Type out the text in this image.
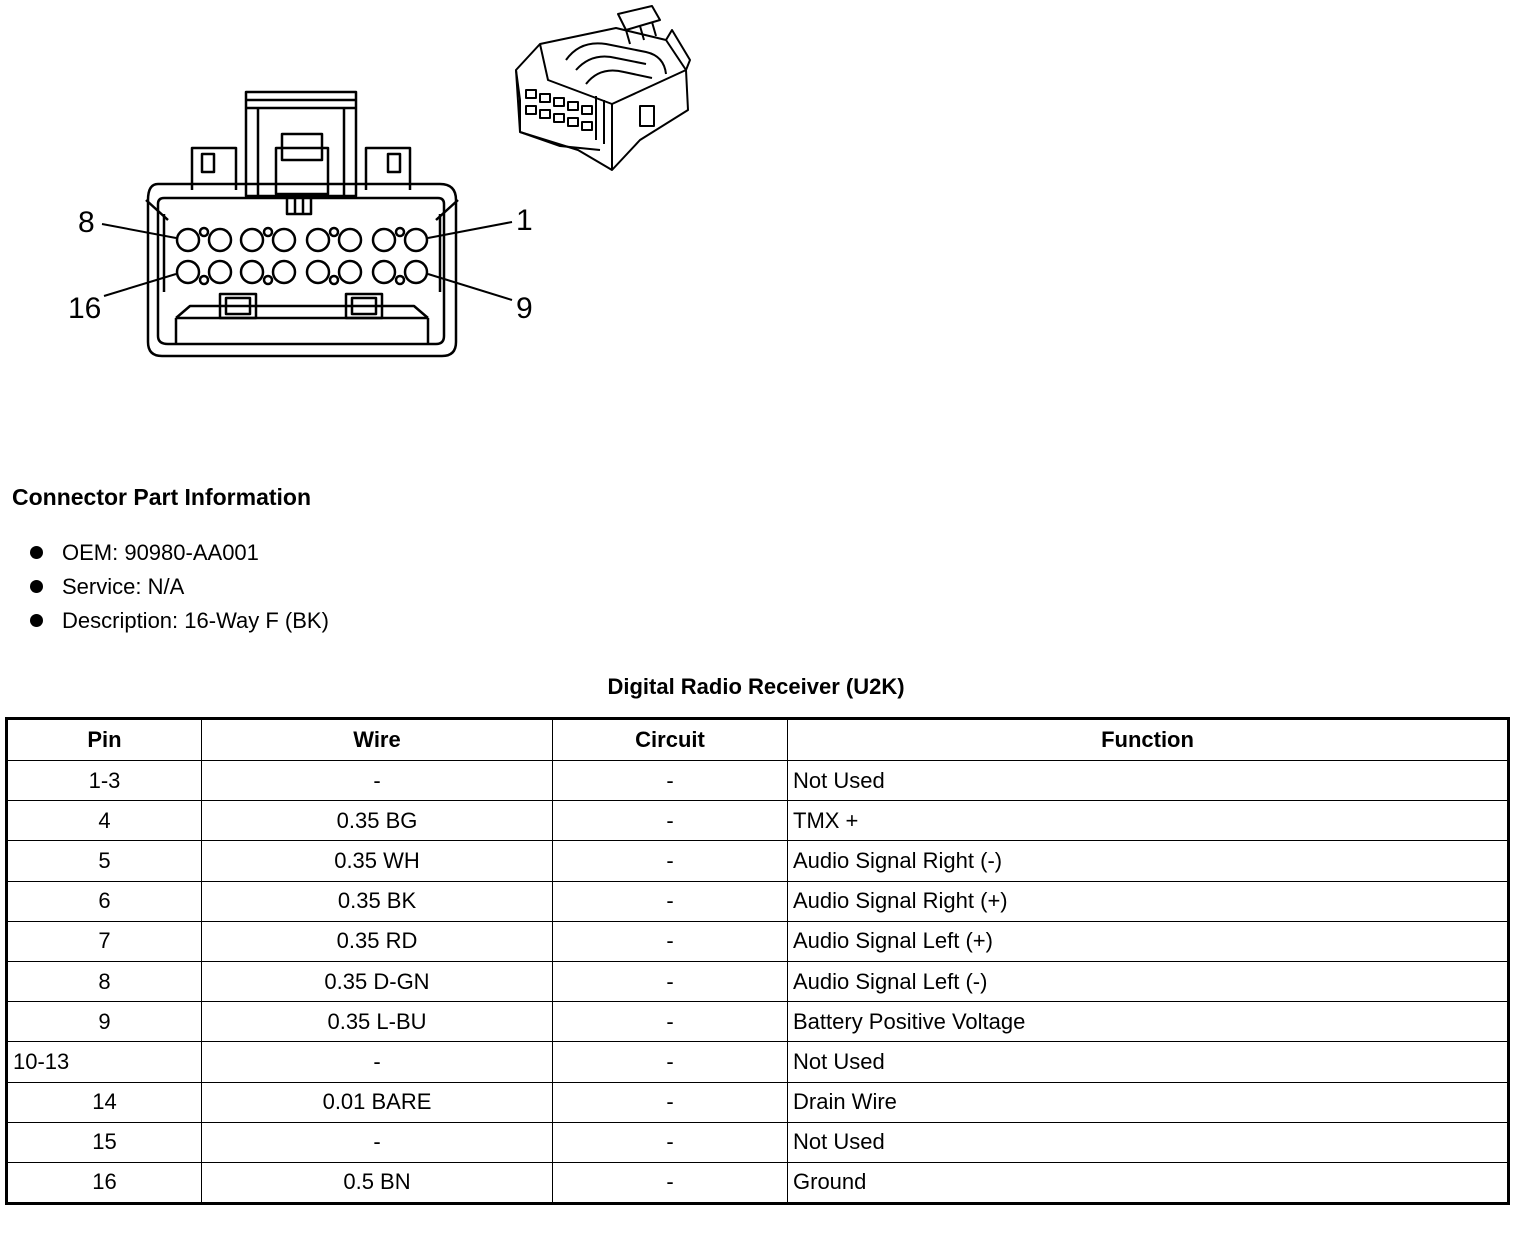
8	1
16	9
Connector Part Information
OEM: 90980-AA001
Service: N/A
Description: 16-Way F (BK)
Digital Radio Receiver (U2K)
Pin	Wire	Circuit	Function
1-3	-	-	Not Used
4	0.35 BG	-	TMX +
5	0.35 WH	-	Audio Signal Right (-)
6	0.35 BK	-	Audio Signal Right (+)
7	0.35 RD	-	Audio Signal Left (+)
8	0.35 D-GN	-	Audio Signal Left (-)
9	0.35 L-BU	-	Battery Positive Voltage
10-13	-	-	Not Used
14	0.01 BARE	-	Drain Wire
15	-	-	Not Used
16	0.5 BN	-	Ground
